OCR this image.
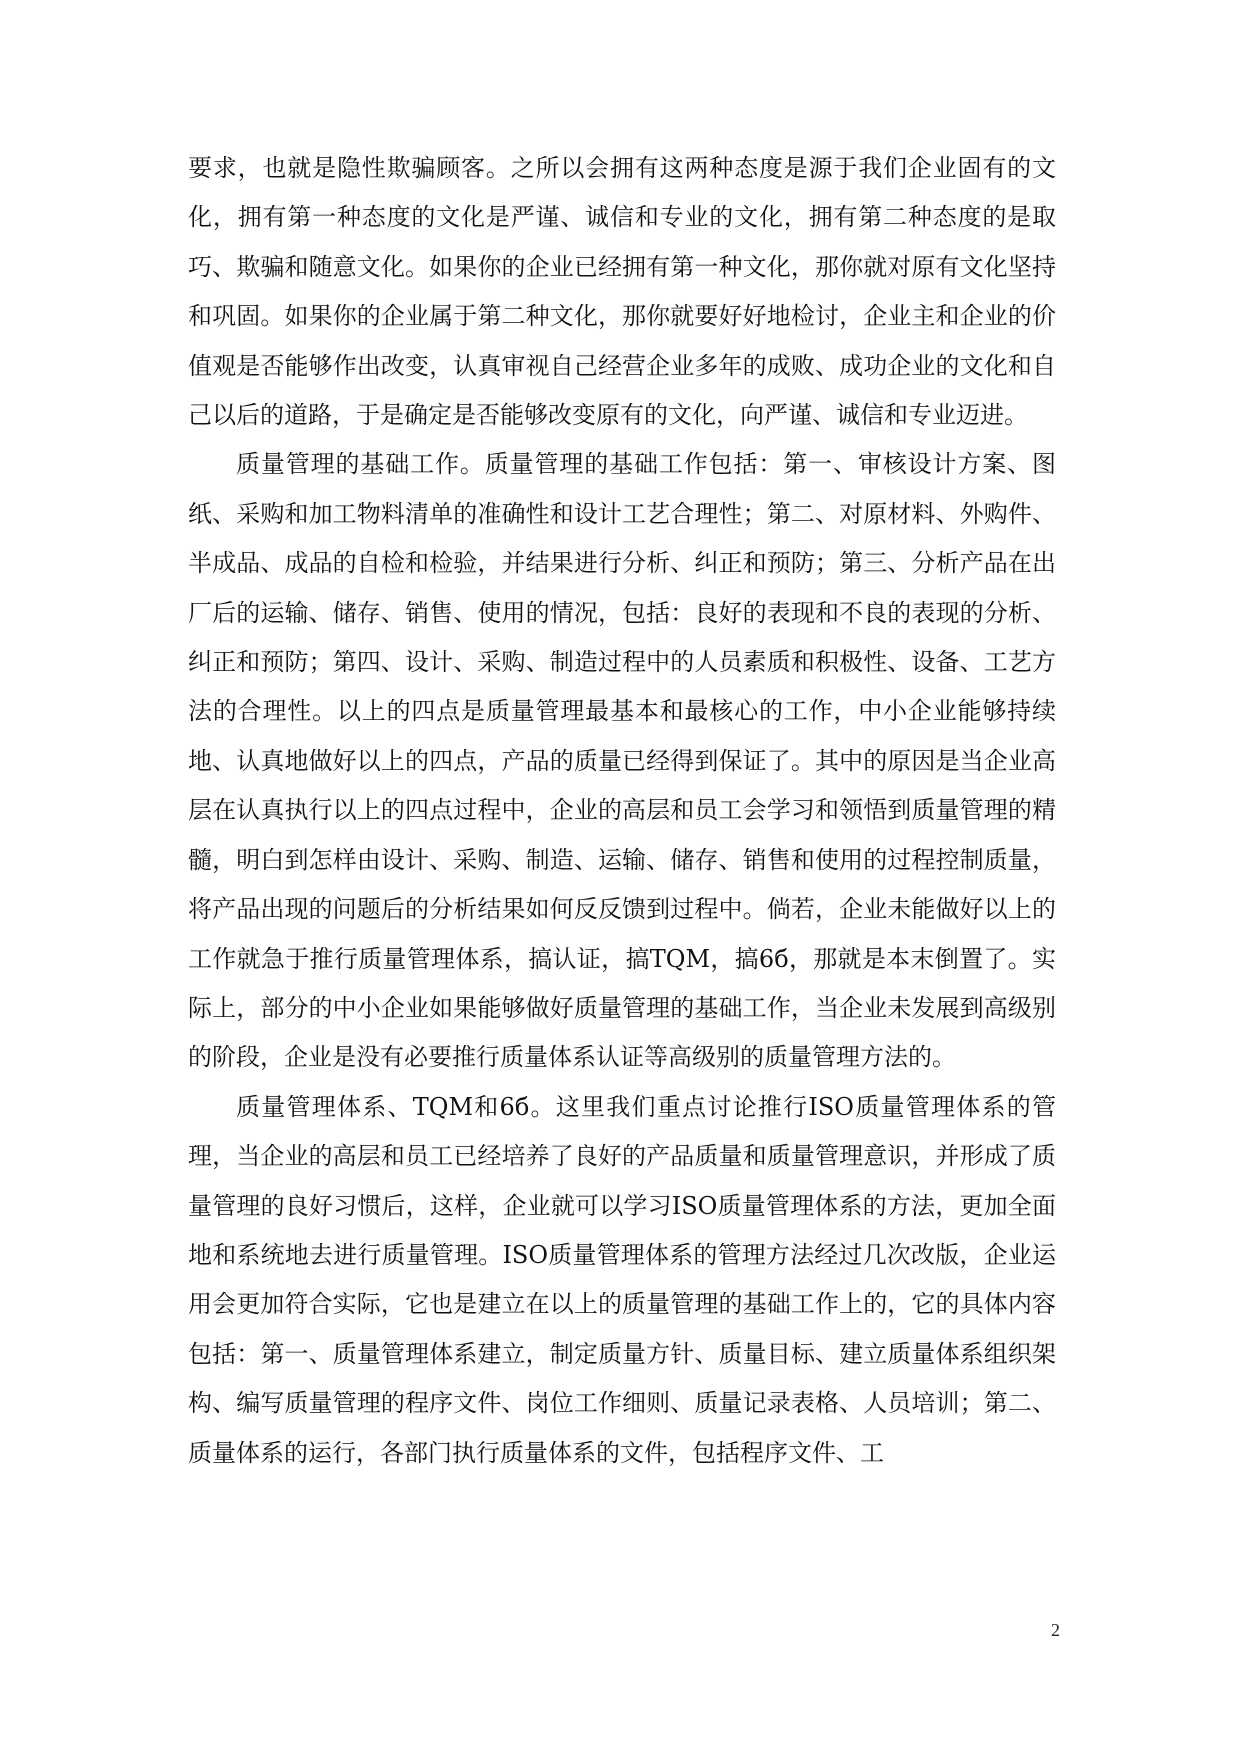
要求，也就是隐性欺骗顾客。之所以会拥有这两种态度是源于我们企业固有的文化，拥有第一种态度的文化是严谨、诚信和专业的文化，拥有第二种态度的是取巧、欺骗和随意文化。如果你的企业已经拥有第一种文化，那你就对原有文化坚持和巩固。如果你的企业属于第二种文化，那你就要好好地检讨，企业主和企业的价值观是否能够作出改变，认真审视自己经营企业多年的成败、成功企业的文化和自己以后的道路，于是确定是否能够改变原有的文化，向严谨、诚信和专业迈进。

质量管理的基础工作。质量管理的基础工作包括：第一、审核设计方案、图纸、采购和加工物料清单的准确性和设计工艺合理性；第二、对原材料、外购件、半成品、成品的自检和检验，并结果进行分析、纠正和预防；第三、分析产品在出厂后的运输、储存、销售、使用的情况，包括：良好的表现和不良的表现的分析、纠正和预防；第四、设计、采购、制造过程中的人员素质和积极性、设备、工艺方法的合理性。以上的四点是质量管理最基本和最核心的工作，中小企业能够持续地、认真地做好以上的四点，产品的质量已经得到保证了。其中的原因是当企业高层在认真执行以上的四点过程中，企业的高层和员工会学习和领悟到质量管理的精髓，明白到怎样由设计、采购、制造、运输、储存、销售和使用的过程控制质量，将产品出现的问题后的分析结果如何反反馈到过程中。倘若，企业未能做好以上的工作就急于推行质量管理体系，搞认证，搞TQM，搞6б，那就是本末倒置了。实际上，部分的中小企业如果能够做好质量管理的基础工作，当企业未发展到高级别的阶段，企业是没有必要推行质量体系认证等高级别的质量管理方法的。

质量管理体系、TQM和6б。这里我们重点讨论推行ISO质量管理体系的管理，当企业的高层和员工已经培养了良好的产品质量和质量管理意识，并形成了质量管理的良好习惯后，这样，企业就可以学习ISO质量管理体系的方法，更加全面地和系统地去进行质量管理。ISO质量管理体系的管理方法经过几次改版，企业运用会更加符合实际，它也是建立在以上的质量管理的基础工作上的，它的具体内容包括：第一、质量管理体系建立，制定质量方针、质量目标、建立质量体系组织架构、编写质量管理的程序文件、岗位工作细则、质量记录表格、人员培训；第二、质量体系的运行，各部门执行质量体系的文件，包括程序文件、工

2
